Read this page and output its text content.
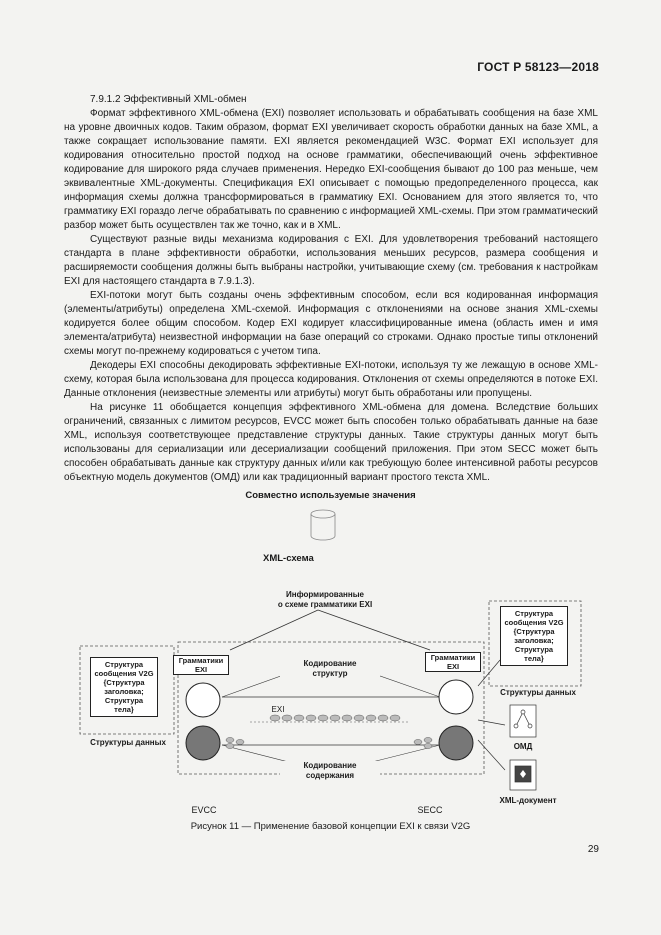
ГОСТ Р 58123—2018

7.9.1.2 Эффективный XML-обмен

Формат эффективного XML-обмена (EXI) позволяет использовать и обрабатывать сообщения на базе XML на уровне двоичных кодов. Таким образом, формат EXI увеличивает скорость обработки данных на базе XML, а также сокращает использование памяти. EXI является рекомендацией W3C. Формат EXI использует для кодирования относительно простой подход на основе грамматики, обеспечивающий очень эффективное кодирование для широкого ряда случаев применения. Нередко EXI-сообщения бывают до 100 раз меньше, чем эквивалентные XML-документы. Спецификация EXI описывает с помощью предопределенного процесса, как информация схемы должна трансформироваться в грамматику EXI. Основанием для этого является то, что грамматику EXI гораздо легче обрабатывать по сравнению с информацией XML-схемы. При этом грамматический разбор может быть осуществлен так же точно, как и в XML.

Существуют разные виды механизма кодирования с EXI. Для удовлетворения требований настоящего стандарта в плане эффективности обработки, использования меньших ресурсов, размера сообщения и расширяемости сообщения должны быть выбраны настройки, учитывающие схему (см. требования к настройкам EXI для настоящего стандарта в 7.9.1.3).

EXI-потоки могут быть созданы очень эффективным способом, если вся кодированная информация (элементы/атрибуты) определена XML-схемой. Информация с отклонениями на основе знания XML-схемы кодируется более общим способом. Кодер EXI кодирует классифицированные имена (область имен и имя элемента/атрибута) неизвестной информации на базе операций со строками. Однако простые типы отклонений схемы могут по-прежнему кодироваться с учетом типа.

Декодеры EXI способны декодировать эффективные EXI-потоки, используя ту же лежащую в основе XML-схему, которая была использована для процесса кодирования. Отклонения от схемы определяются в потоке EXI. Данные отклонения (неизвестные элементы или атрибуты) могут быть обработаны или пропущены.

На рисунке 11 обобщается концепция эффективного XML-обмена для домена. Вследствие больших ограничений, связанных с лимитом ресурсов, EVCC может быть способен только обрабатывать данные на базе XML, используя соответствующее представление структуры данных. Такие структуры данных могут быть использованы для сериализации или десериализации сообщений приложения. При этом SECC может быть способен обрабатывать данные как структуру данных и/или как требующую более интенсивной работы ресурсов объектную модель документов (ОМД) или как традиционный вариант простого текста XML.

Совместно используемые значения
XML-схема
Информированные
о схеме грамматики EXI
Грамматики
EXI
Грамматики
EXI
Кодирование
структур
Кодирование
содержания
EXI
Структура
сообщения V2G
{Структура
заголовка;
Структура
тела}
Структуры данных
Структура
сообщения V2G
{Структура
заголовка;
Структура
тела}
Структуры данных
ОМД
XML-документ
EVCC	SECC
Рисунок 11 — Применение базовой концепции EXI к связи V2G
29
